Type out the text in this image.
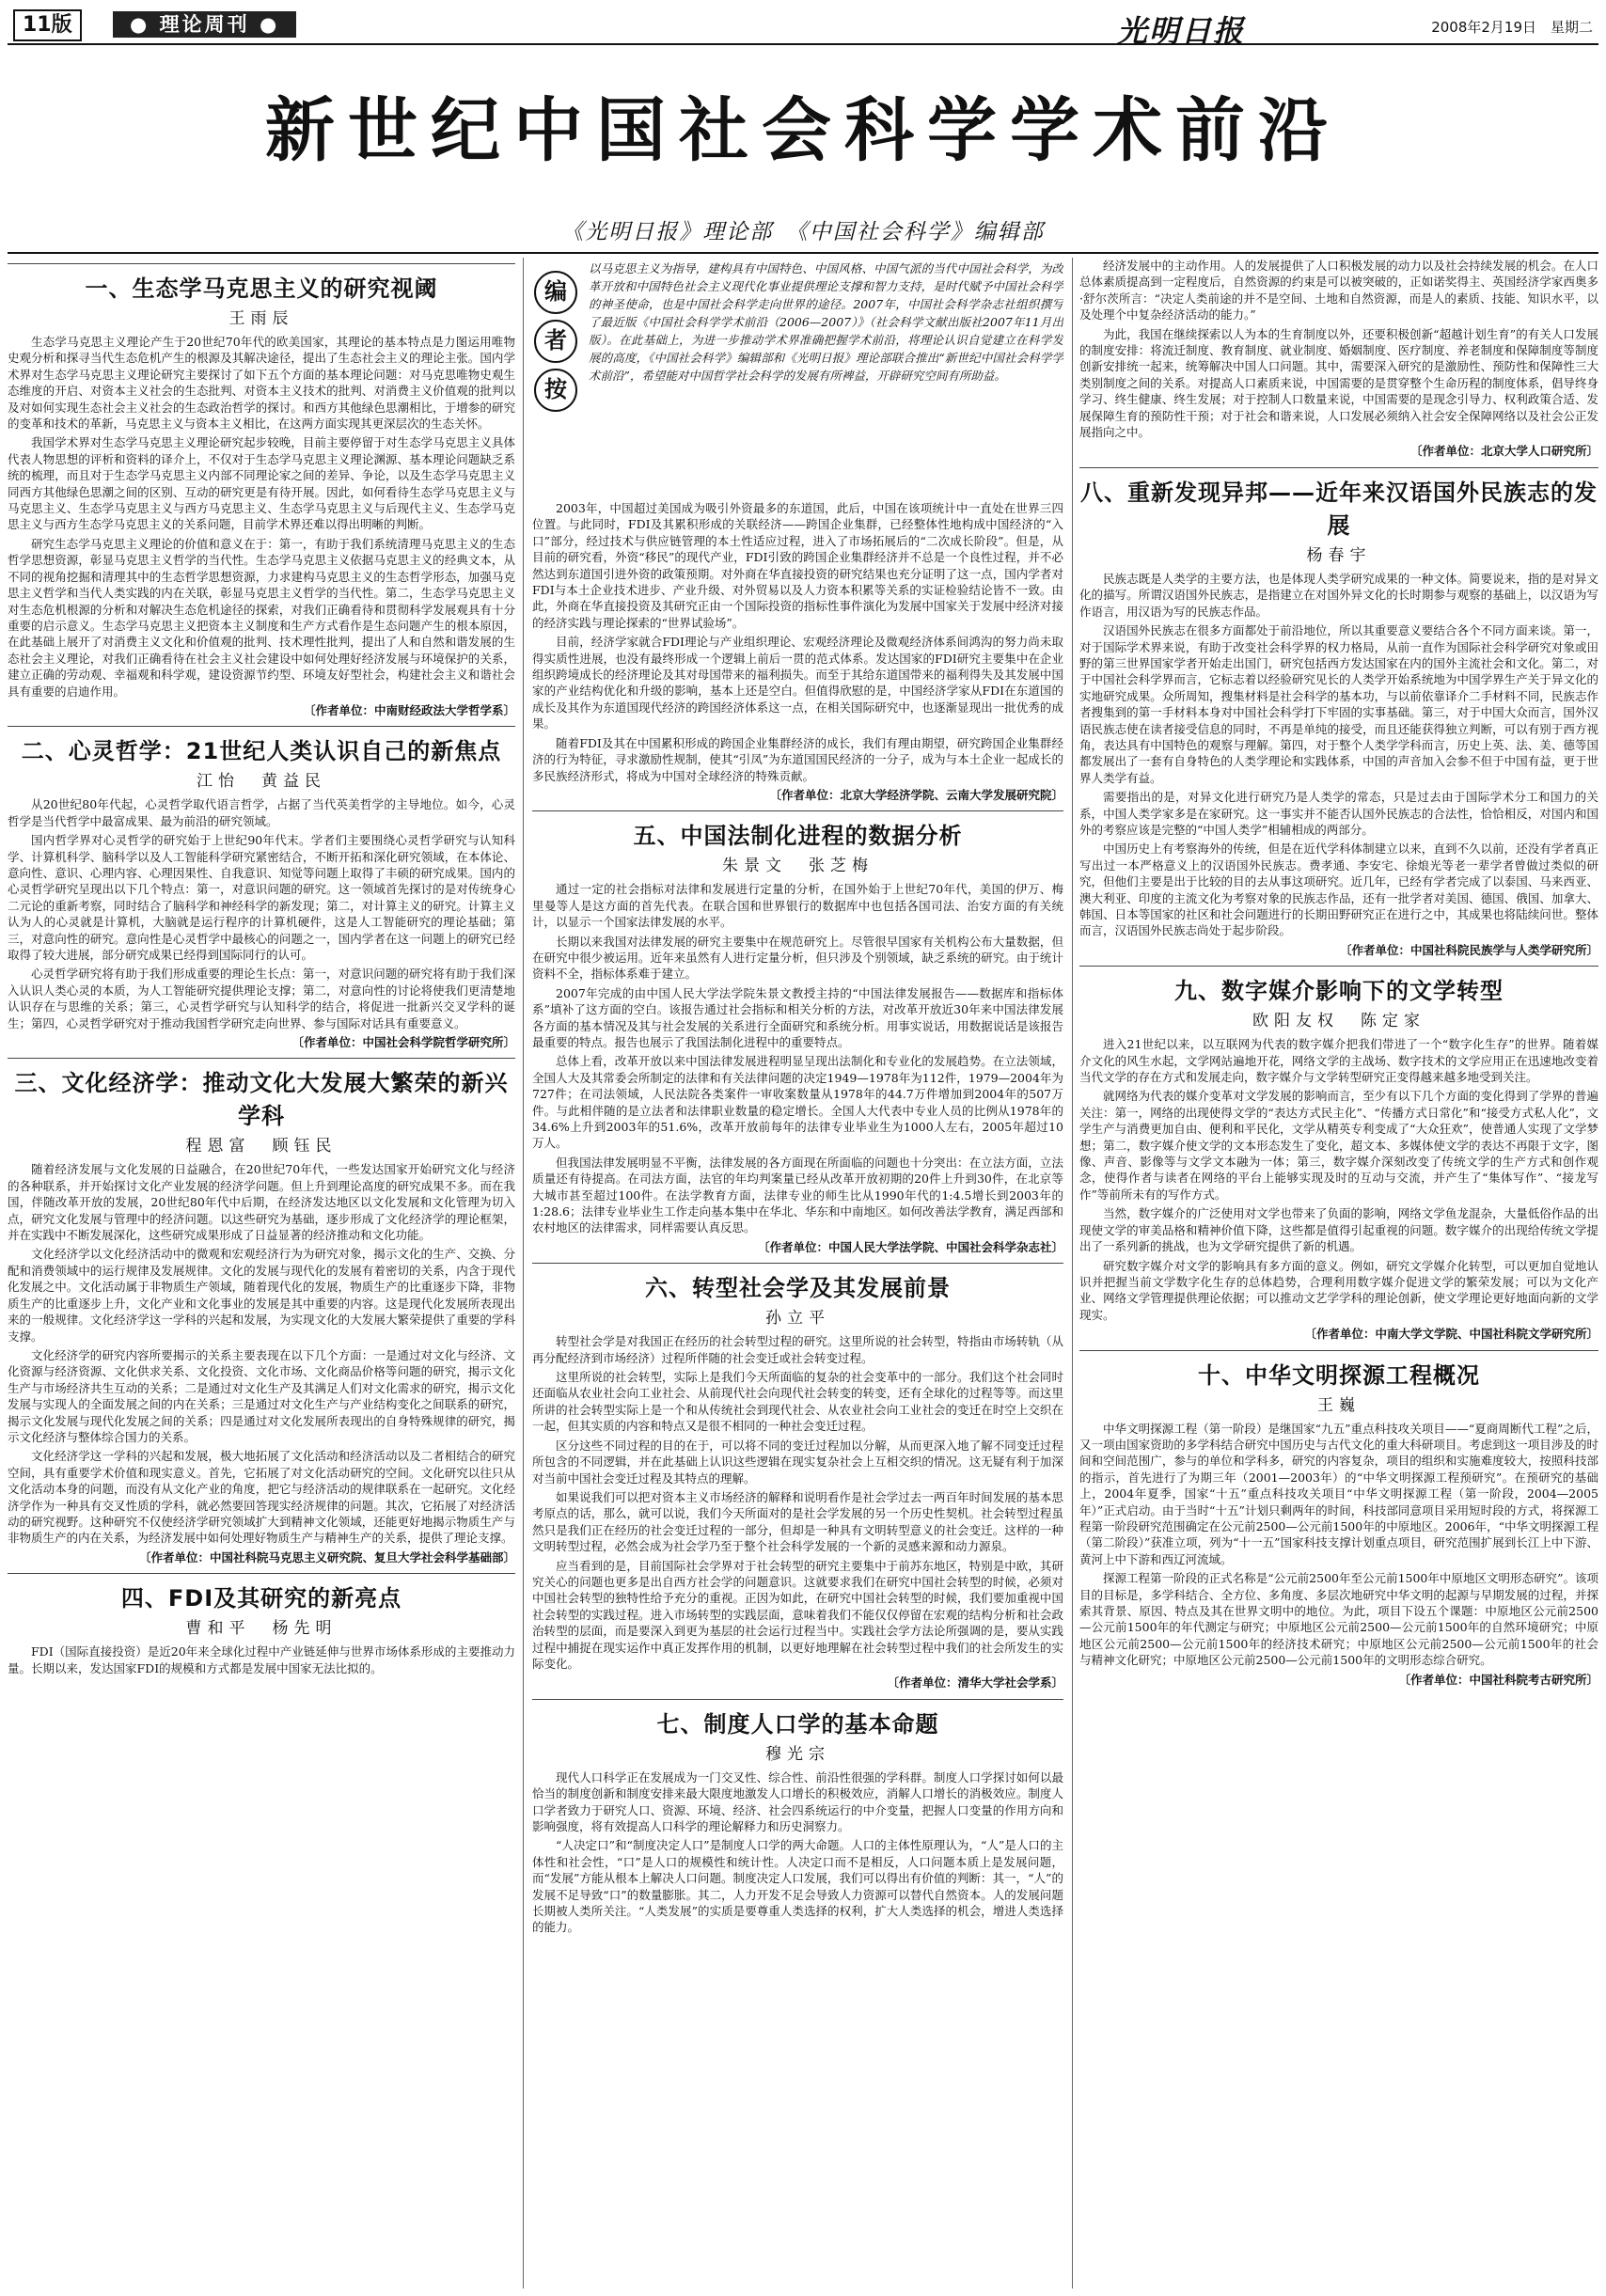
11版	● 理论周刊 ●	光明日报	2008年2月19日　星期二
新世纪中国社会科学学术前沿
《光明日报》理论部　《中国社会科学》编辑部
一、生态学马克思主义的研究视阈
王雨辰

生态学马克思主义理论产生于20世纪70年代的欧美国家，其理论的基本特点是力图运用唯物史观分析和探寻当代生态危机产生的根源及其解决途径，提出了生态社会主义的理论主张。国内学术界对生态学马克思主义理论研究主要探讨了如下五个方面的基本理论问题：对马克思唯物史观生态维度的开启、对资本主义社会的生态批判、对资本主义技术的批判、对消费主义价值观的批判以及对如何实现生态社会主义社会的生态政治哲学的探讨。和西方其他绿色思潮相比，于增参的研究的变革和技术的革新，马克思主义与资本主义相比，在这两方面实现其更深层次的生态关怀。

我国学术界对生态学马克思主义理论研究起步较晚，目前主要停留于对生态学马克思主义具体代表人物思想的评析和资料的译介上，不仅对于生态学马克思主义理论渊源、基本理论问题缺乏系统的梳理，而且对于生态学马克思主义内部不同理论家之间的差异、争论，以及生态学马克思主义同西方其他绿色思潮之间的区别、互动的研究更是有待开展。因此，如何看待生态学马克思主义与马克思主义、生态学马克思主义与西方马克思主义、生态学马克思主义与后现代主义、生态学马克思主义与西方生态学马克思主义的关系问题，目前学术界还难以得出明晰的判断。

研究生态学马克思主义理论的价值和意义在于：第一，有助于我们系统清理马克思主义的生态哲学思想资源，彰显马克思主义哲学的当代性。生态学马克思主义依据马克思主义的经典文本，从不同的视角挖掘和清理其中的生态哲学思想资源，力求建构马克思主义的生态哲学形态，加强马克思主义哲学和当代人类实践的内在关联，彰显马克思主义哲学的当代性。第二，生态学马克思主义对生态危机根源的分析和对解决生态危机途径的探索，对我们正确看待和贯彻科学发展观具有十分重要的启示意义。生态学马克思主义把资本主义制度和生产方式看作是生态问题产生的根本原因，在此基础上展开了对消费主义文化和价值观的批判、技术理性批判，提出了人和自然和谐发展的生态社会主义理论，对我们正确看待在社会主义社会建设中如何处理好经济发展与环境保护的关系，建立正确的劳动观、幸福观和科学观，建设资源节约型、环境友好型社会，构建社会主义和谐社会具有重要的启迪作用。

〔作者单位：中南财经政法大学哲学系〕
二、心灵哲学：21世纪人类认识自己的新焦点
江怡　黄益民

从20世纪80年代起，心灵哲学取代语言哲学，占据了当代英美哲学的主导地位。如今，心灵哲学是当代哲学中最富成果、最为前沿的研究领域。

国内哲学界对心灵哲学的研究始于上世纪90年代末。学者们主要围绕心灵哲学研究与认知科学、计算机科学、脑科学以及人工智能科学研究紧密结合，不断开拓和深化研究领域，在本体论、意向性、意识、心理内容、心理因果性、自我意识、知觉等问题上取得了丰硕的研究成果。国内的心灵哲学研究呈现出以下几个特点：第一，对意识问题的研究。这一领域首先探讨的是对传统身心二元论的重新考察，同时结合了脑科学和神经科学的新发现；第二，对计算主义的研究。计算主义认为人的心灵就是计算机，大脑就是运行程序的计算机硬件，这是人工智能研究的理论基础；第三，对意向性的研究。意向性是心灵哲学中最核心的问题之一，国内学者在这一问题上的研究已经取得了较大进展，部分研究成果已经得到国际同行的认可。

心灵哲学研究将有助于我们形成重要的理论生长点：第一，对意识问题的研究将有助于我们深入认识人类心灵的本质，为人工智能研究提供理论支撑；第二，对意向性的讨论将使我们更清楚地认识存在与思维的关系；第三，心灵哲学研究与认知科学的结合，将促进一批新兴交叉学科的诞生；第四，心灵哲学研究对于推动我国哲学研究走向世界、参与国际对话具有重要意义。

〔作者单位：中国社会科学院哲学研究所〕
三、文化经济学：推动文化大发展大繁荣的新兴学科
程恩富　顾钰民

随着经济发展与文化发展的日益融合，在20世纪70年代，一些发达国家开始研究文化与经济的各种联系，并开始探讨文化产业发展的经济学问题。但上升到理论高度的研究成果不多。而在我国，伴随改革开放的发展，20世纪80年代中后期，在经济发达地区以文化发展和文化管理为切入点，研究文化发展与管理中的经济问题。以这些研究为基础，逐步形成了文化经济学的理论框架，并在实践中不断发展深化，这些研究成果形成了日益显著的经济推动和文化功能。

文化经济学以文化经济活动中的微观和宏观经济行为为研究对象，揭示文化的生产、交换、分配和消费领域中的运行规律及发展规律。文化的发展与现代化的发展有着密切的关系，内含于现代化发展之中。文化活动属于非物质生产领域，随着现代化的发展，物质生产的比重逐步下降，非物质生产的比重逐步上升，文化产业和文化事业的发展是其中重要的内容。这是现代化发展所表现出来的一般规律。文化经济学这一学科的兴起和发展，为实现文化的大发展大繁荣提供了重要的学科支撑。

文化经济学的研究内容所要揭示的关系主要表现在以下几个方面：一是通过对文化与经济、文化资源与经济资源、文化供求关系、文化投资、文化市场、文化商品价格等问题的研究，揭示文化生产与市场经济共生互动的关系；二是通过对文化生产及其满足人们对文化需求的研究，揭示文化发展与实现人的全面发展之间的内在关系；三是通过对文化生产与产业结构变化之间联系的研究，揭示文化发展与现代化发展之间的关系；四是通过对文化发展所表现出的自身特殊规律的研究，揭示文化经济与整体综合国力的关系。

文化经济学这一学科的兴起和发展，极大地拓展了文化活动和经济活动以及二者相结合的研究空间，具有重要学术价值和现实意义。首先，它拓展了对文化活动研究的空间。文化研究以往只从文化活动本身的问题，而没有从文化产业的角度，把它与经济活动的规律联系在一起研究。文化经济学作为一种具有交叉性质的学科，就必然要回答现实经济规律的问题。其次，它拓展了对经济活动的研究视野。这种研究不仅使经济学研究领域扩大到精神文化领域，还能更好地揭示物质生产与非物质生产的内在关系，为经济发展中如何处理好物质生产与精神生产的关系，提供了理论支撑。

〔作者单位：中国社科院马克思主义研究院、复旦大学社会科学基础部〕
四、FDI及其研究的新亮点
曹和平　杨先明

FDI（国际直接投资）是近20年来全球化过程中产业链延伸与世界市场体系形成的主要推动力量。长期以来，发达国家FDI的规模和方式都是发展中国家无法比拟的。

编
者
按
以马克思主义为指导，建构具有中国特色、中国风格、中国气派的当代中国社会科学，为改革开放和中国特色社会主义现代化事业提供理论支撑和智力支持，是时代赋予中国社会科学的神圣使命，也是中国社会科学走向世界的途径。2007年，中国社会科学杂志社组织撰写了最近版《中国社会科学学术前沿（2006—2007）》（社会科学文献出版社2007年11月出版）。在此基础上，为进一步推动学术界准确把握学术前沿，将理论认识自觉建立在科学发展的高度，《中国社会科学》编辑部和《光明日报》理论部联合推出“新世纪中国社会科学学术前沿”，希望能对中国哲学社会科学的发展有所裨益，开辟研究空间有所助益。

2003年，中国超过美国成为吸引外资最多的东道国，此后，中国在该项统计中一直处在世界三四位置。与此同时，FDI及其累积形成的关联经济——跨国企业集群，已经整体性地构成中国经济的“入口”部分，经过技术与供应链管理的本土性适应过程，进入了市场拓展后的“二次成长阶段”。但是，从目前的研究看，外资“移民”的现代产业，FDI引致的跨国企业集群经济并不总是一个良性过程，并不必然达到东道国引进外资的政策预期。对外商在华直接投资的研究结果也充分证明了这一点，国内学者对FDI与本土企业技术进步、产业升级、对外贸易以及人力资本积累等关系的实证检验结论皆不一致。由此，外商在华直接投资及其研究正由一个国际投资的指标性事件演化为发展中国家关于发展中经济对接的经济实践与理论探索的“世界试验场”。

目前，经济学家就合FDI理论与产业组织理论、宏观经济理论及微观经济体系间鸿沟的努力尚未取得实质性进展，也没有最终形成一个逻辑上前后一贯的范式体系。发达国家的FDI研究主要集中在企业组织跨境成长的经济理论及其对母国带来的福利损失。而至于其给东道国带来的福利得失及其发展中国家的产业结构优化和升级的影响，基本上还是空白。但值得欣慰的是，中国经济学家从FDI在东道国的成长及其作为东道国现代经济的跨国经济体系这一点，在相关国际研究中，也逐渐显现出一批优秀的成果。

随着FDI及其在中国累积形成的跨国企业集群经济的成长，我们有理由期望，研究跨国企业集群经济的行为特征，寻求激励性规制，使其“引凤”为东道国国民经济的一分子，成为与本土企业一起成长的多民族经济形式，将成为中国对全球经济的特殊贡献。

〔作者单位：北京大学经济学院、云南大学发展研究院〕
五、中国法制化进程的数据分析
朱景文　张芝梅

通过一定的社会指标对法律和发展进行定量的分析，在国外始于上世纪70年代，美国的伊万、梅里曼等人是这方面的首先代表。在联合国和世界银行的数据库中也包括各国司法、治安方面的有关统计，以显示一个国家法律发展的水平。

长期以来我国对法律发展的研究主要集中在规范研究上。尽管很早国家有关机构公布大量数据，但在研究中很少被运用。近年来虽然有人进行定量分析，但只涉及个别领域，缺乏系统的研究。由于统计资料不全，指标体系难于建立。

2007年完成的由中国人民大学法学院朱景文教授主持的“中国法律发展报告——数据库和指标体系”填补了这方面的空白。该报告通过社会指标和相关分析的方法，对改革开放近30年来中国法律发展各方面的基本情况及其与社会发展的关系进行全面研究和系统分析。用事实说话，用数据说话是该报告最重要的特点。报告也展示了我国法制化进程中的重要特点。

总体上看，改革开放以来中国法律发展进程明显呈现出法制化和专业化的发展趋势。在立法领域，全国人大及其常委会所制定的法律和有关法律问题的决定1949—1978年为112件，1979—2004年为727件；在司法领域，人民法院各类案件一审收案数量从1978年的44.7万件增加到2004年的507万件。与此相伴随的是立法者和法律职业数量的稳定增长。全国人大代表中专业人员的比例从1978年的34.6%上升到2003年的51.6%，改革开放前每年的法律专业毕业生为1000人左右，2005年超过10万人。

但我国法律发展明显不平衡，法律发展的各方面现在所面临的问题也十分突出：在立法方面，立法质量还有待提高。在司法方面，法官的年均判案量已经从改革开放初期的20件上升到30件，在北京等大城市甚至超过100件。在法学教育方面，法律专业的师生比从1990年代的1:4.5增长到2003年的1:28.6；法律专业毕业生工作走向基本集中在华北、华东和中南地区。如何改善法学教育，满足西部和农村地区的法律需求，同样需要认真反思。

〔作者单位：中国人民大学法学院、中国社会科学杂志社〕
六、转型社会学及其发展前景
孙立平

转型社会学是对我国正在经历的社会转型过程的研究。这里所说的社会转型，特指由市场转轨（从再分配经济到市场经济）过程所伴随的社会变迁或社会转变过程。

这里所说的社会转型，实际上是我们今天所面临的复杂的社会变革中的一部分。我们这个社会同时还面临从农业社会向工业社会、从前现代社会向现代社会转变的转变，还有全球化的过程等等。而这里所讲的社会转型实际上是一个和从传统社会到现代社会、从农业社会向工业社会的变迁在时空上交织在一起，但其实质的内容和特点又是很不相同的一种社会变迁过程。

区分这些不同过程的目的在于，可以将不同的变迁过程加以分解，从而更深入地了解不同变迁过程所包含的不同逻辑，并在此基础上认识这些逻辑在现实复杂社会上互相交织的情况。这无疑有利于加深对当前中国社会变迁过程及其特点的理解。

如果说我们可以把对资本主义市场经济的解释和说明看作是社会学过去一两百年时间发展的基本思考原点的话，那么，就可以说，我们今天所面对的是社会学发展的另一个历史性契机。社会转型过程虽然只是我们正在经历的社会变迁过程的一部分，但却是一种具有文明转型意义的社会变迁。这样的一种文明转型过程，必然会成为社会学乃至于整个社会科学发展的一个新的灵感来源和动力源泉。

应当看到的是，目前国际社会学界对于社会转型的研究主要集中于前苏东地区，特别是中欧，其研究关心的问题也更多是出自西方社会学的问题意识。这就要求我们在研究中国社会转型的时候，必须对中国社会转型的独特性给予充分的重视。正因为如此，在研究中国社会转型的时候，我们要加重视中国社会转型的实践过程。进入市场转型的实践层面，意味着我们不能仅仅停留在宏观的结构分析和社会政治转型的层面，而是要深入到更为基层的社会运行过程当中。实践社会学方法论所强调的是，要从实践过程中捕捉在现实运作中真正发挥作用的机制，以更好地理解在社会转型过程中我们的社会所发生的实际变化。

〔作者单位：清华大学社会学系〕
七、制度人口学的基本命题
穆光宗

现代人口科学正在发展成为一门交叉性、综合性、前沿性很强的学科群。制度人口学探讨如何以最恰当的制度创新和制度安排来最大限度地激发人口增长的积极效应，消解人口增长的消极效应。制度人口学者致力于研究人口、资源、环境、经济、社会四系统运行的中介变量，把握人口变量的作用方向和影响强度，将有效提高人口科学的理论解释力和历史洞察力。

“人决定口”和“制度决定人口”是制度人口学的两大命题。人口的主体性原理认为，“人”是人口的主体性和社会性，“口”是人口的规模性和统计性。人决定口而不是相反，人口问题本质上是发展问题，而“发展”方能从根本上解决人口问题。制度决定人口发展，我们可以得出有价值的判断：其一，“人”的发展不足导致“口”的数量膨胀。其二，人力开发不足会导致人力资源可以替代自然资本。人的发展问题长期被人类所关注。“人类发展”的实质是要尊重人类选择的权利，扩大人类选择的机会，增进人类选择的能力。

经济发展中的主动作用。人的发展提供了人口积极发展的动力以及社会持续发展的机会。在人口总体素质提高到一定程度后，自然资源的约束是可以被突破的，正如诺奖得主、英国经济学家西奥多·舒尔茨所言：“决定人类前途的并不是空间、土地和自然资源，而是人的素质、技能、知识水平，以及处理个中复杂经济活动的能力。”

为此，我国在继续探索以人为本的生育制度以外，还要积极创新“超越计划生育”的有关人口发展的制度安排：将流迁制度、教育制度、就业制度、婚姻制度、医疗制度、养老制度和保障制度等制度创新安排统一起来，统筹解决中国人口问题。其中，需要深入研究的是激励性、预防性和保障性三大类别制度之间的关系。对提高人口素质来说，中国需要的是贯穿整个生命历程的制度体系，倡导终身学习、终生健康、终生发展；对于控制人口数量来说，中国需要的是现念引导力、权利政策合适、发展保障生育的预防性干预；对于社会和谐来说，人口发展必须纳入社会安全保障网络以及社会公正发展指向之中。

〔作者单位：北京大学人口研究所〕
八、重新发现异邦——近年来汉语国外民族志的发展
杨春宇

民族志既是人类学的主要方法，也是体现人类学研究成果的一种文体。简要说来，指的是对异文化的描写。所谓汉语国外民族志，是指建立在对国外异文化的长时期参与观察的基础上，以汉语为写作语言，用汉语为写的民族志作品。

汉语国外民族志在很多方面都处于前沿地位，所以其重要意义要结合各个不同方面来谈。第一，对于国际学术界来说，有助于改变社会科学界的权力格局，从前一直作为国际社会科学研究对象或田野的第三世界国家学者开始走出国门，研究包括西方发达国家在内的国外主流社会和文化。第二，对于中国社会科学界而言，它标志着以经验研究见长的人类学开始系统地为中国学界生产关于异文化的实地研究成果。众所周知，搜集材料是社会科学的基本功，与以前依靠译介二手材料不同，民族志作者搜集到的第一手材料本身对中国社会科学打下牢固的实事基础。第三，对于中国大众而言，国外汉语民族志使在读者接受信息的同时，不再是单纯的接受，而且还能获得独立判断，可以有别于西方视角，表达具有中国特色的观察与理解。第四，对于整个人类学学科而言，历史上英、法、美、德等国都发展出了一套有自身特色的人类学理论和实践体系，中国的声音加入会参不但于中国有益，更于世界人类学有益。

需要指出的是，对异文化进行研究乃是人类学的常态，只是过去由于国际学术分工和国力的关系，中国人类学家多是在家研究。这一事实并不能否认国外民族志的合法性，恰恰相反，对国内和国外的考察应该是完整的“中国人类学”相辅相成的两部分。

中国历史上有考察海外的传统，但是在近代学科体制建立以来，直到不久以前，还没有学者真正写出过一本严格意义上的汉语国外民族志。费孝通、李安宅、徐烺光等老一辈学者曾做过类似的研究，但他们主要是出于比较的目的去从事这项研究。近几年，已经有学者完成了以泰国、马来西亚、澳大利亚、印度的主流文化为考察对象的民族志作品，还有一批学者对美国、德国、俄国、加拿大、韩国、日本等国家的社区和社会问题进行的长期田野研究正在进行之中，其成果也将陆续问世。整体而言，汉语国外民族志尚处于起步阶段。

〔作者单位：中国社科院民族学与人类学研究所〕
九、数字媒介影响下的文学转型
欧阳友权　陈定家

进入21世纪以来，以互联网为代表的数字媒介把我们带进了一个“数字化生存”的世界。随着媒介文化的风生水起，文学网站遍地开花，网络文学的主战场、数字技术的文学应用正在迅速地改变着当代文学的存在方式和发展走向，数字媒介与文学转型研究正变得越来越多地受到关注。

就网络为代表的媒介变革对文学发展的影响而言，至少有以下几个方面的变化得到了学界的普遍关注：第一，网络的出现使得文学的“表达方式民主化”、“传播方式日常化”和“接受方式私人化”，文学生产与消费更加自由、便利和平民化，文学从精英专利变成了“大众狂欢”，使普通人实现了文学梦想；第二，数字媒介使文学的文本形态发生了变化，超文本、多媒体使文学的表达不再限于文字，图像、声音、影像等与文学文本融为一体；第三，数字媒介深刻改变了传统文学的生产方式和创作观念，使得作者与读者在网络的平台上能够实现及时的互动与交流，并产生了“集体写作”、“接龙写作”等前所未有的写作方式。

当然，数字媒介的广泛使用对文学也带来了负面的影响，网络文学鱼龙混杂，大量低俗作品的出现使文学的审美品格和精神价值下降，这些都是值得引起重视的问题。数字媒介的出现给传统文学提出了一系列新的挑战，也为文学研究提供了新的机遇。

研究数字媒介对文学的影响具有多方面的意义。例如，研究文学媒介化转型，可以更加自觉地认识并把握当前文学数字化生存的总体趋势，合理利用数字媒介促进文学的繁荣发展；可以为文化产业、网络文学管理提供理论依据；可以推动文艺学学科的理论创新，使文学理论更好地面向新的文学现实。

〔作者单位：中南大学文学院、中国社科院文学研究所〕
十、中华文明探源工程概况
王巍

中华文明探源工程（第一阶段）是继国家“九五”重点科技攻关项目——“夏商周断代工程”之后，又一项由国家资助的多学科结合研究中国历史与古代文化的重大科研项目。考虑到这一项目涉及的时间和空间范围广，参与的单位和学科多，研究的内容复杂，项目的组织和实施难度较大，按照科技部的指示，首先进行了为期三年（2001—2003年）的“中华文明探源工程预研究”。在预研究的基础上，2004年夏季，国家“十五”重点科技攻关项目“中华文明探源工程（第一阶段，2004—2005年）”正式启动。由于当时“十五”计划只剩两年的时间，科技部同意项目采用短时段的方式，将探源工程第一阶段研究范围确定在公元前2500—公元前1500年的中原地区。2006年，“中华文明探源工程（第二阶段）”获准立项，列为“十一五”国家科技支撑计划重点项目，研究范围扩展到长江上中下游、黄河上中下游和西辽河流域。

探源工程第一阶段的正式名称是“公元前2500年至公元前1500年中原地区文明形态研究”。该项目的目标是，多学科结合、全方位、多角度、多层次地研究中华文明的起源与早期发展的过程，并探索其背景、原因、特点及其在世界文明中的地位。为此，项目下设五个课题：中原地区公元前2500—公元前1500年的年代测定与研究；中原地区公元前2500—公元前1500年的自然环境研究；中原地区公元前2500—公元前1500年的经济技术研究；中原地区公元前2500—公元前1500年的社会与精神文化研究；中原地区公元前2500—公元前1500年的文明形态综合研究。

〔作者单位：中国社科院考古研究所〕
